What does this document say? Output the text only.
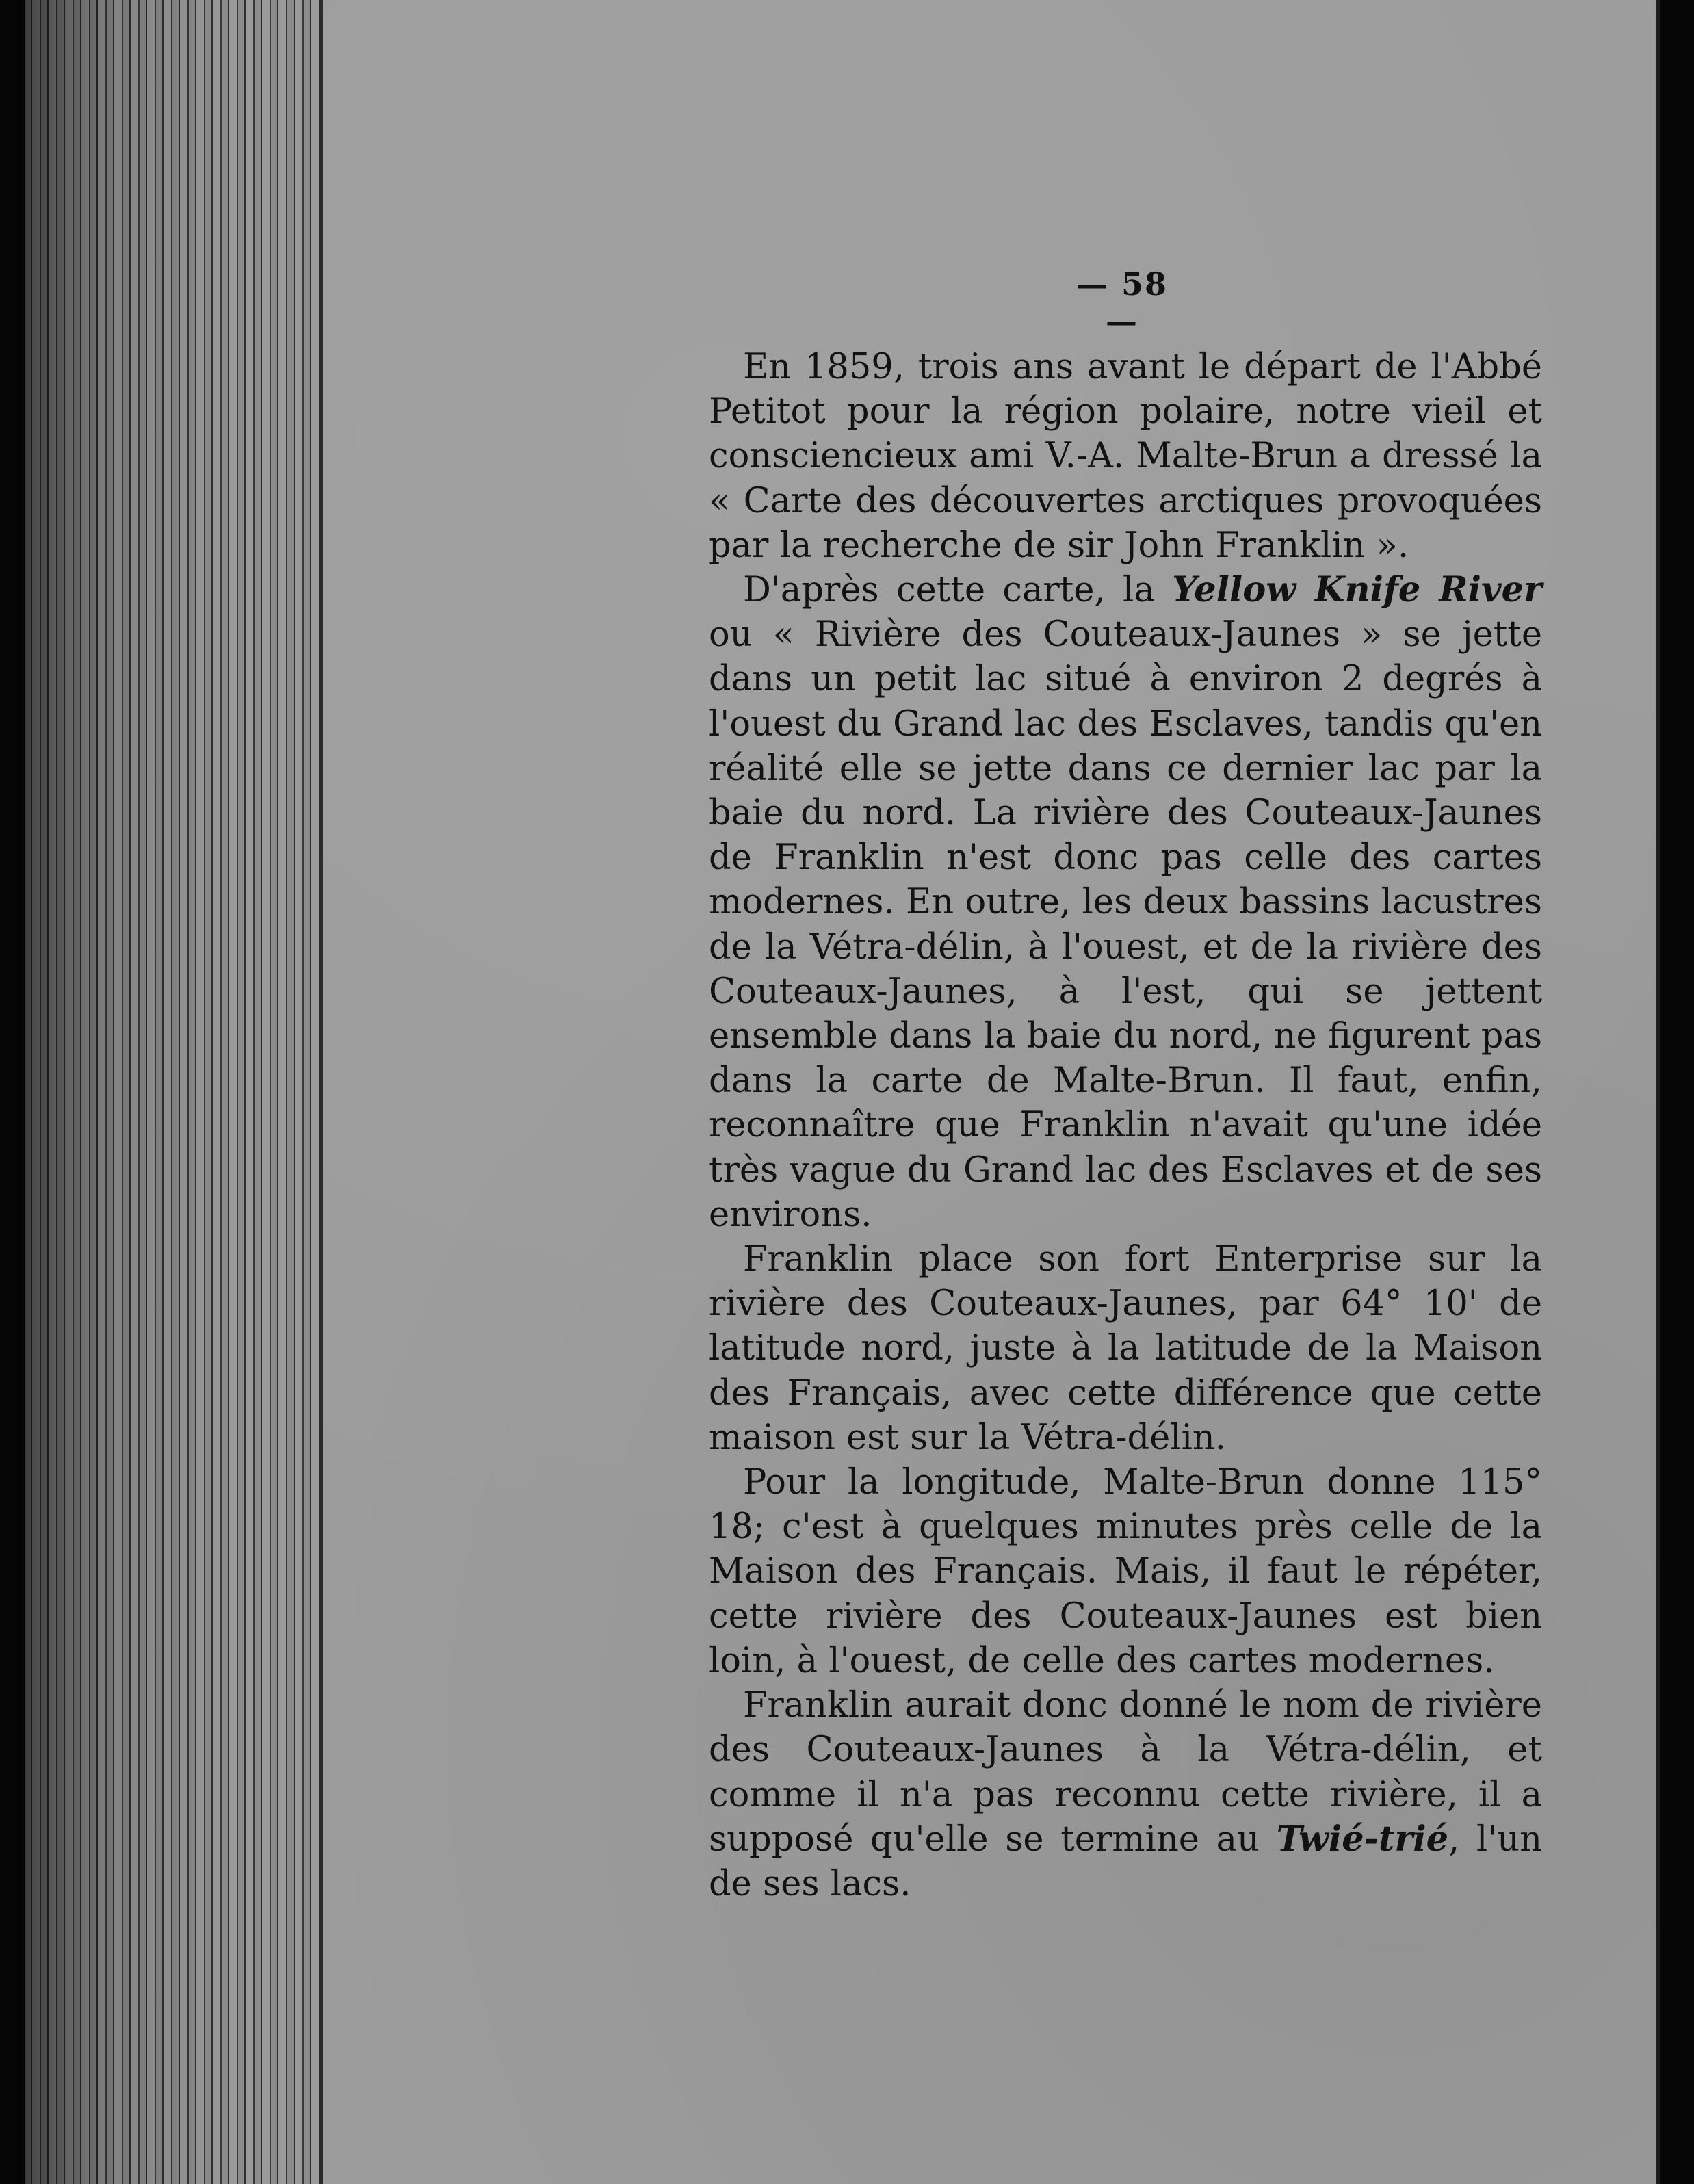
— 58 —

En 1859, trois ans avant le départ de l'Abbé Petitot pour la région polaire, notre vieil et consciencieux ami V.-A. Malte-Brun a dressé la « Carte des découvertes arctiques provoquées par la recherche de sir John Franklin ».

D'après cette carte, la Yellow Knife River ou « Rivière des Couteaux-Jaunes » se jette dans un petit lac situé à environ 2 degrés à l'ouest du Grand lac des Esclaves, tandis qu'en réalité elle se jette dans ce dernier lac par la baie du nord. La rivière des Couteaux-Jaunes de Franklin n'est donc pas celle des cartes modernes. En outre, les deux bassins lacustres de la Vétra-délin, à l'ouest, et de la rivière des Couteaux-Jaunes, à l'est, qui se jettent ensemble dans la baie du nord, ne figurent pas dans la carte de Malte-Brun. Il faut, enfin, reconnaître que Franklin n'avait qu'une idée très vague du Grand lac des Esclaves et de ses environs.

Franklin place son fort Enterprise sur la rivière des Couteaux-Jaunes, par 64° 10' de latitude nord, juste à la latitude de la Maison des Français, avec cette différence que cette maison est sur la Vétra-délin.

Pour la longitude, Malte-Brun donne 115° 18; c'est à quelques minutes près celle de la Maison des Français. Mais, il faut le répéter, cette rivière des Couteaux-Jaunes est bien loin, à l'ouest, de celle des cartes modernes.

Franklin aurait donc donné le nom de rivière des Couteaux-Jaunes à la Vétra-délin, et comme il n'a pas reconnu cette rivière, il a supposé qu'elle se termine au Twié-trié, l'un de ses lacs.
